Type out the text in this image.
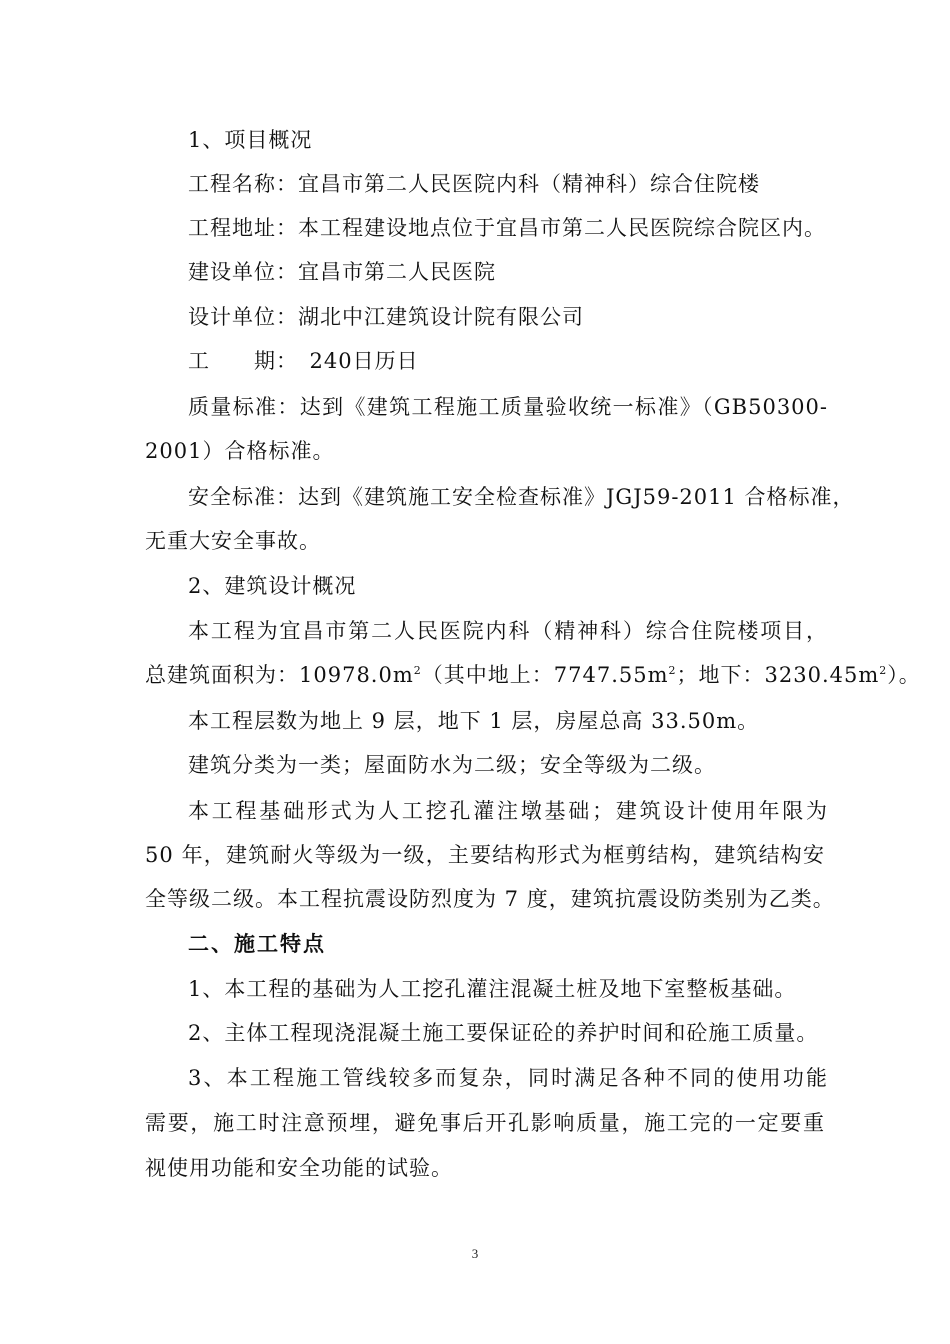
1、项目概况
工程名称：宜昌市第二人民医院内科（精神科）综合住院楼
工程地址：本工程建设地点位于宜昌市第二人民医院综合院区内。
建设单位：宜昌市第二人民医院
设计单位：湖北中江建筑设计院有限公司
工　　期：　240日历日
质量标准：达到《建筑工程施工质量验收统一标准》（GB50300-
2001）合格标准。
安全标准：达到《建筑施工安全检查标准》JGJ59-2011 合格标准，
无重大安全事故。
2、建筑设计概况
本工程为宜昌市第二人民医院内科（精神科）综合住院楼项目，
总建筑面积为：$10978.0m^2$（其中地上：$7747.55m^2$；地下：$3230.45m^2$）。
本工程层数为地上 9 层，地下 1 层，房屋总高 33.50m。
建筑分类为一类；屋面防水为二级；安全等级为二级。
本工程基础形式为人工挖孔灌注墩基础；建筑设计使用年限为
50 年，建筑耐火等级为一级，主要结构形式为框剪结构，建筑结构安
全等级二级。本工程抗震设防烈度为 7 度，建筑抗震设防类别为乙类。
二、施工特点
1、本工程的基础为人工挖孔灌注混凝土桩及地下室整板基础。
2、主体工程现浇混凝土施工要保证砼的养护时间和砼施工质量。
3、本工程施工管线较多而复杂，同时满足各种不同的使用功能
需要，施工时注意预埋，避免事后开孔影响质量，施工完的一定要重
视使用功能和安全功能的试验。
3
